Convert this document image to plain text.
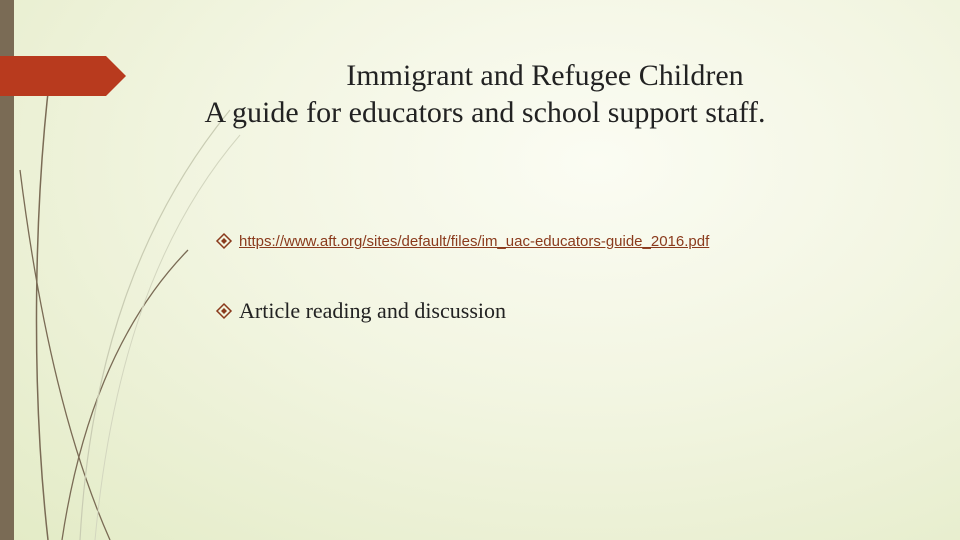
Immigrant and Refugee Children
A guide for educators and school support staff.
https://www.aft.org/sites/default/files/im_uac-educators-guide_2016.pdf
Article reading and discussion
